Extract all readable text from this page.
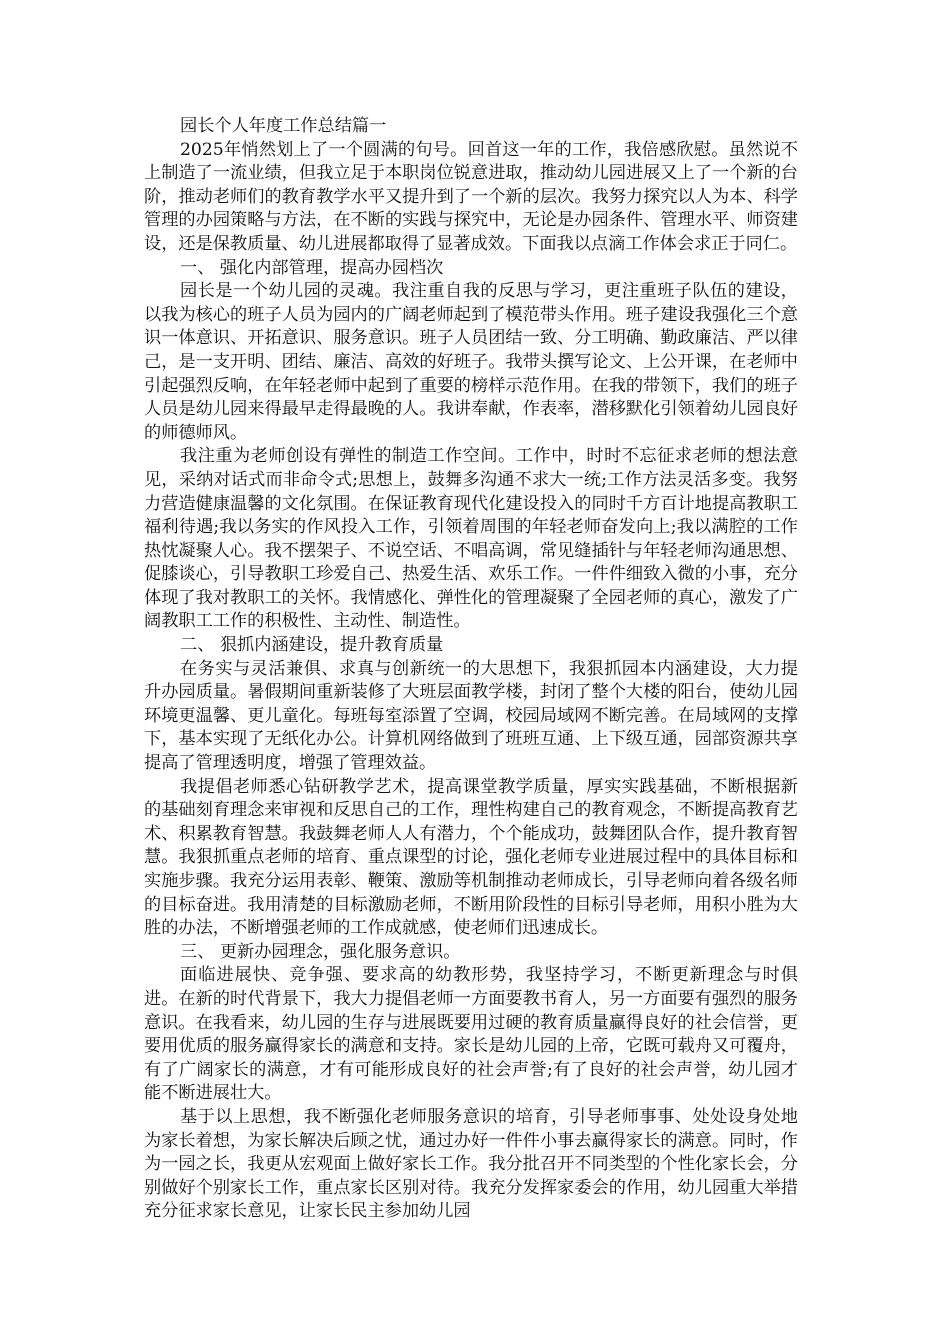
园长个人年度工作总结篇一

2025年悄然划上了一个圆满的句号。回首这一年的工作，我倍感欣慰。虽然说不上制造了一流业绩，但我立足于本职岗位锐意进取，推动幼儿园进展又上了一个新的台阶，推动老师们的教育教学水平又提升到了一个新的层次。我努力探究以人为本、科学管理的办园策略与方法，在不断的实践与探究中，无论是办园条件、管理水平、师资建设，还是保教质量、幼儿进展都取得了显著成效。下面我以点滴工作体会求正于同仁。

一、 强化内部管理，提高办园档次

园长是一个幼儿园的灵魂。我注重自我的反思与学习，更注重班子队伍的建设，以我为核心的班子人员为园内的广阔老师起到了模范带头作用。班子建设我强化三个意识一体意识、开拓意识、服务意识。班子人员团结一致、分工明确、勤政廉洁、严以律己，是一支开明、团结、廉洁、高效的好班子。我带头撰写论文、上公开课，在老师中引起强烈反响，在年轻老师中起到了重要的榜样示范作用。在我的带领下，我们的班子人员是幼儿园来得最早走得最晚的人。我讲奉献，作表率，潜移默化引领着幼儿园良好的师德师风。

我注重为老师创设有弹性的制造工作空间。工作中，时时不忘征求老师的想法意见，采纳对话式而非命令式;思想上，鼓舞多沟通不求大一统;工作方法灵活多变。我努力营造健康温馨的文化氛围。在保证教育现代化建设投入的同时千方百计地提高教职工福利待遇;我以务实的作风投入工作，引领着周围的年轻老师奋发向上;我以满腔的工作热忱凝聚人心。我不摆架子、不说空话、不唱高调，常见缝插针与年轻老师沟通思想、促膝谈心，引导教职工珍爱自己、热爱生活、欢乐工作。一件件细致入微的小事，充分体现了我对教职工的关怀。我情感化、弹性化的管理凝聚了全园老师的真心，激发了广阔教职工工作的积极性、主动性、制造性。

二、 狠抓内涵建设，提升教育质量

在务实与灵活兼俱、求真与创新统一的大思想下，我狠抓园本内涵建设，大力提升办园质量。暑假期间重新装修了大班层面教学楼，封闭了整个大楼的阳台，使幼儿园环境更温馨、更儿童化。每班每室添置了空调，校园局域网不断完善。在局域网的支撑下，基本实现了无纸化办公。计算机网络做到了班班互通、上下级互通，园部资源共享提高了管理透明度，增强了管理效益。

我提倡老师悉心钻研教学艺术，提高课堂教学质量，厚实实践基础，不断根据新的基础刻育理念来审视和反思自己的工作，理性构建自己的教育观念，不断提高教育艺术、积累教育智慧。我鼓舞老师人人有潜力，个个能成功，鼓舞团队合作，提升教育智慧。我狠抓重点老师的培育、重点课型的讨论，强化老师专业进展过程中的具体目标和实施步骤。我充分运用表彰、鞭策、激励等机制推动老师成长，引导老师向着各级名师的目标奋进。我用清楚的目标激励老师，不断用阶段性的目标引导老师，用积小胜为大胜的办法，不断增强老师的工作成就感，使老师们迅速成长。

三、 更新办园理念，强化服务意识。

面临进展快、竞争强、要求高的幼教形势，我坚持学习，不断更新理念与时俱进。在新的时代背景下，我大力提倡老师一方面要教书育人，另一方面要有强烈的服务意识。在我看来，幼儿园的生存与进展既要用过硬的教育质量赢得良好的社会信誉，更要用优质的服务赢得家长的满意和支持。家长是幼儿园的上帝，它既可载舟又可覆舟，有了广阔家长的满意，才有可能形成良好的社会声誉;有了良好的社会声誉，幼儿园才能不断进展壮大。

基于以上思想，我不断强化老师服务意识的培育，引导老师事事、处处设身处地为家长着想，为家长解决后顾之忧，通过办好一件件小事去赢得家长的满意。同时，作为一园之长，我更从宏观面上做好家长工作。我分批召开不同类型的个性化家长会，分别做好个别家长工作，重点家长区别对待。我充分发挥家委会的作用，幼儿园重大举措充分征求家长意见，让家长民主参加幼儿园
